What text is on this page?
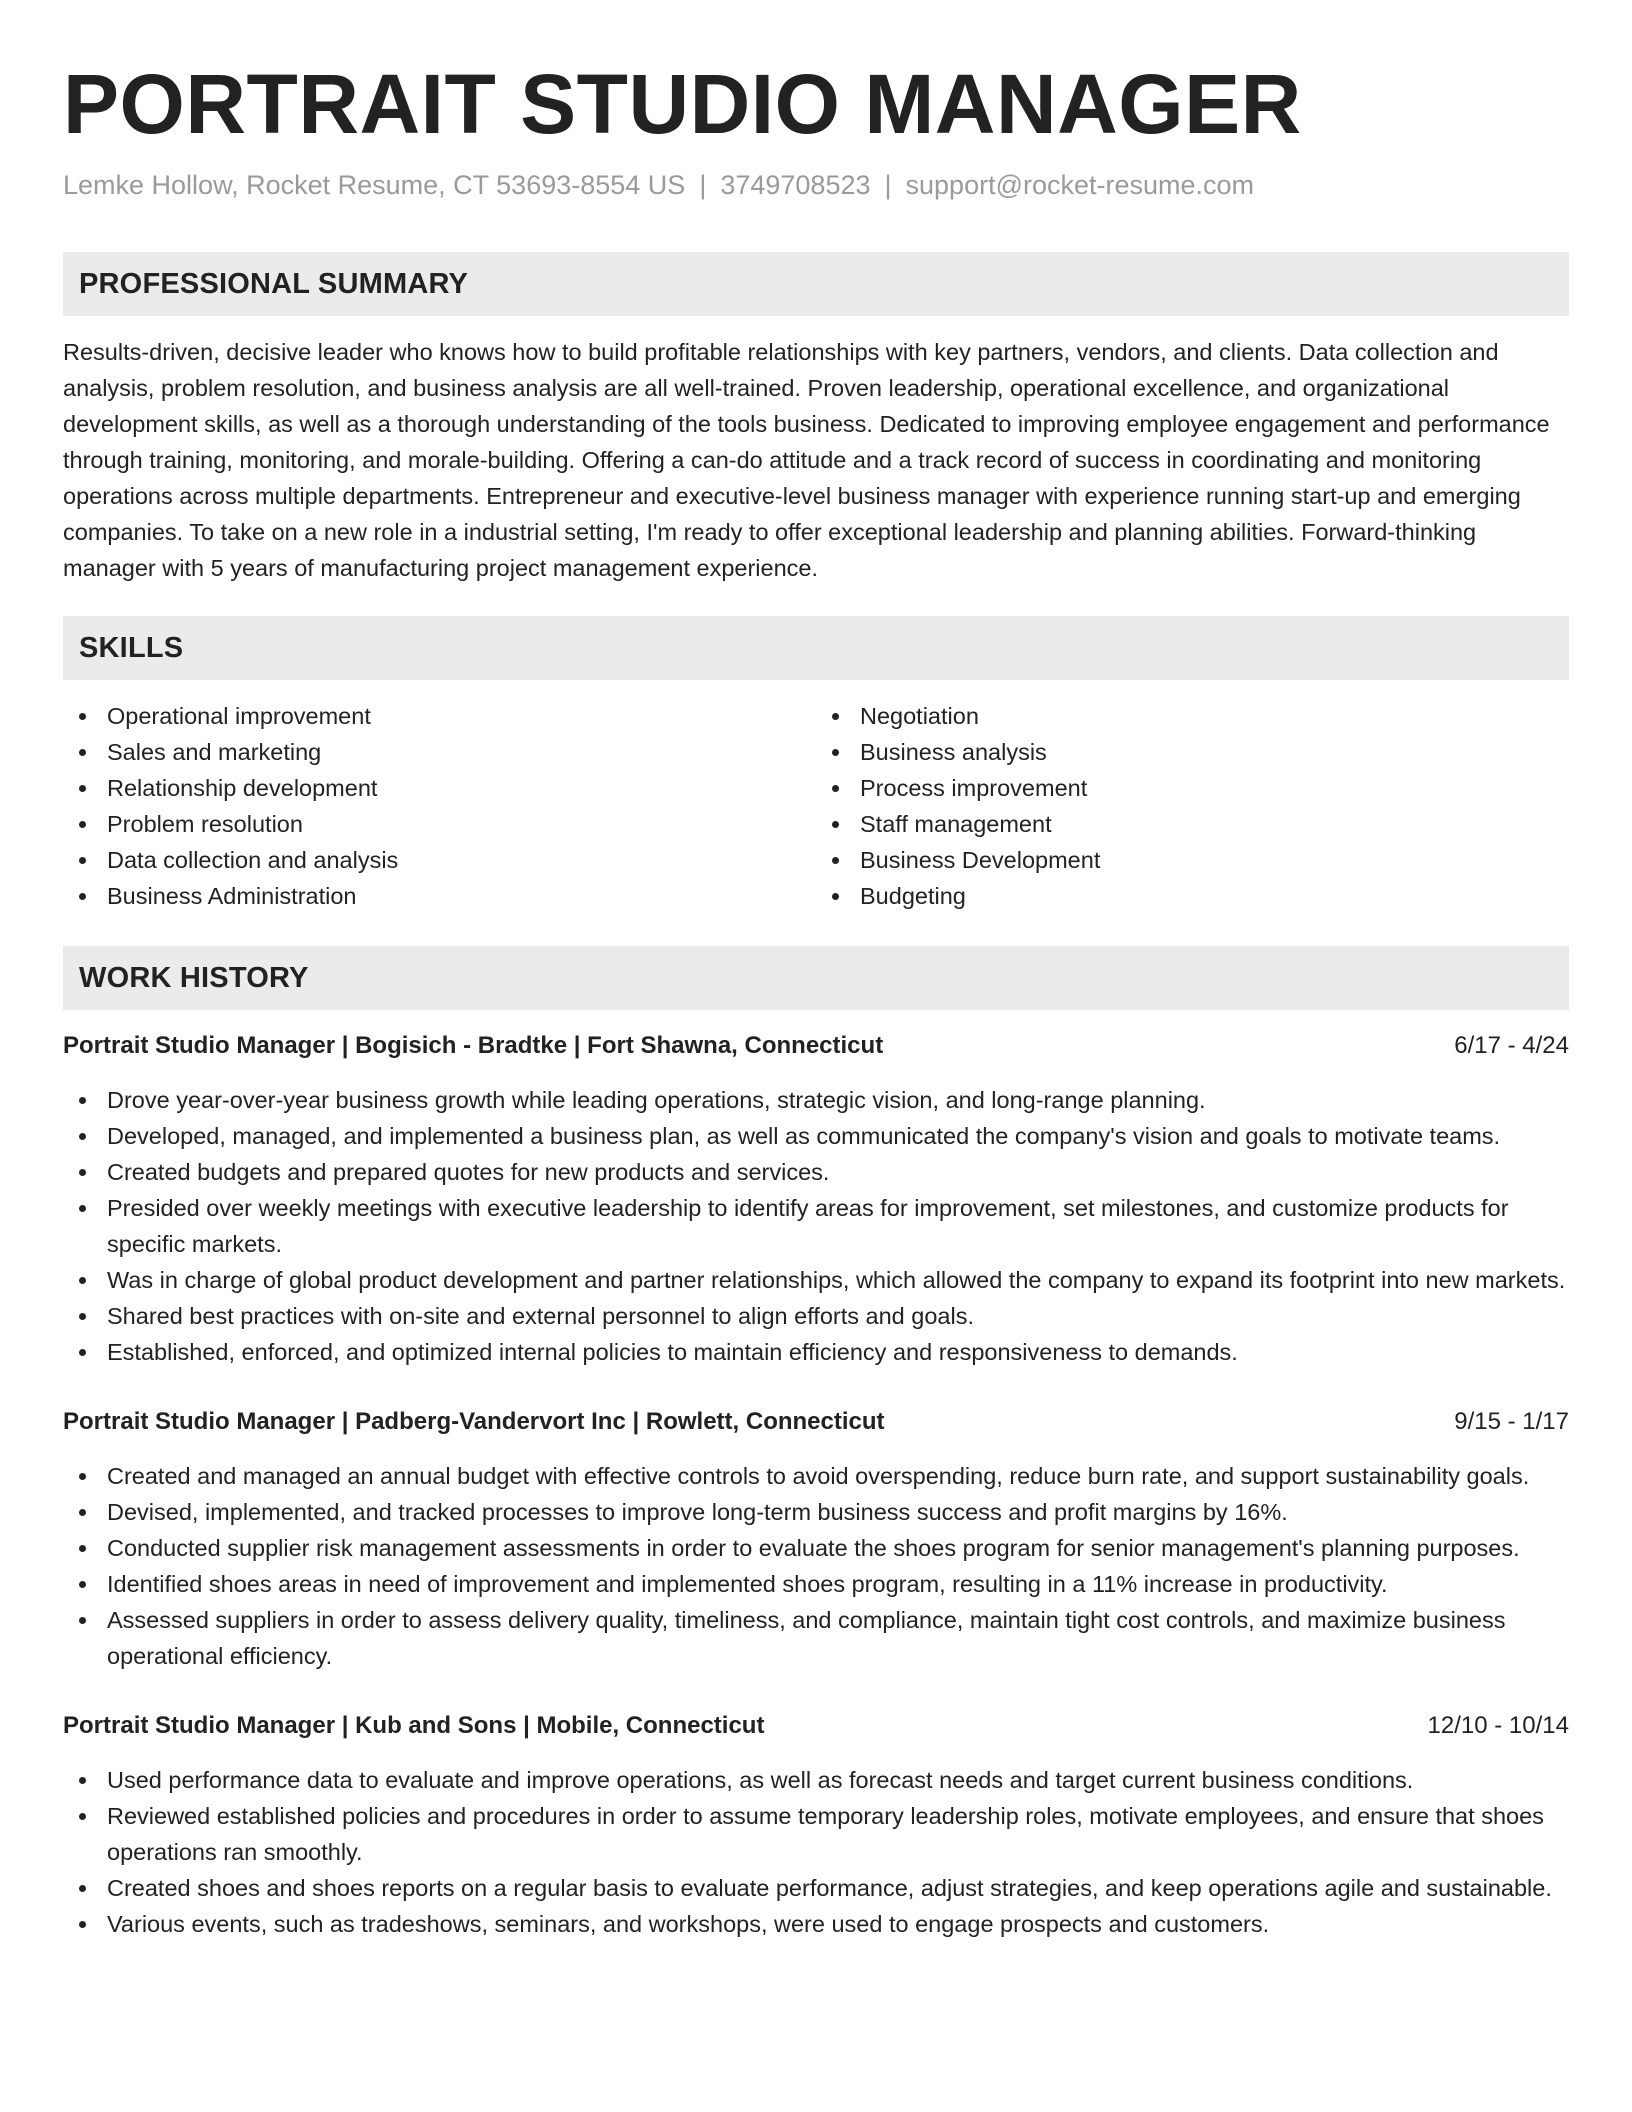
PORTRAIT STUDIO MANAGER
Lemke Hollow, Rocket Resume, CT 53693-8554 US | 3749708523 | support@rocket-resume.com
PROFESSIONAL SUMMARY

Results-driven, decisive leader who knows how to build profitable relationships with key partners, vendors, and clients. Data collection and analysis, problem resolution, and business analysis are all well-trained. Proven leadership, operational excellence, and organizational development skills, as well as a thorough understanding of the tools business. Dedicated to improving employee engagement and performance through training, monitoring, and morale-building. Offering a can-do attitude and a track record of success in coordinating and monitoring operations across multiple departments. Entrepreneur and executive-level business manager with experience running start-up and emerging companies. To take on a new role in a industrial setting, I'm ready to offer exceptional leadership and planning abilities. Forward-thinking manager with 5 years of manufacturing project management experience.

SKILLS
Operational improvement
Sales and marketing
Relationship development
Problem resolution
Data collection and analysis
Business Administration
Negotiation
Business analysis
Process improvement
Staff management
Business Development
Budgeting
WORK HISTORY
Portrait Studio Manager | Bogisich - Bradtke | Fort Shawna, Connecticut	6/17 - 4/24
Drove year-over-year business growth while leading operations, strategic vision, and long-range planning.
Developed, managed, and implemented a business plan, as well as communicated the company's vision and goals to motivate teams.
Created budgets and prepared quotes for new products and services.
Presided over weekly meetings with executive leadership to identify areas for improvement, set milestones, and customize products for specific markets.
Was in charge of global product development and partner relationships, which allowed the company to expand its footprint into new markets.
Shared best practices with on-site and external personnel to align efforts and goals.
Established, enforced, and optimized internal policies to maintain efficiency and responsiveness to demands.
Portrait Studio Manager | Padberg-Vandervort Inc | Rowlett, Connecticut	9/15 - 1/17
Created and managed an annual budget with effective controls to avoid overspending, reduce burn rate, and support sustainability goals.
Devised, implemented, and tracked processes to improve long-term business success and profit margins by 16%.
Conducted supplier risk management assessments in order to evaluate the shoes program for senior management's planning purposes.
Identified shoes areas in need of improvement and implemented shoes program, resulting in a 11% increase in productivity.
Assessed suppliers in order to assess delivery quality, timeliness, and compliance, maintain tight cost controls, and maximize business operational efficiency.
Portrait Studio Manager | Kub and Sons | Mobile, Connecticut	12/10 - 10/14
Used performance data to evaluate and improve operations, as well as forecast needs and target current business conditions.
Reviewed established policies and procedures in order to assume temporary leadership roles, motivate employees, and ensure that shoes operations ran smoothly.
Created shoes and shoes reports on a regular basis to evaluate performance, adjust strategies, and keep operations agile and sustainable.
Various events, such as tradeshows, seminars, and workshops, were used to engage prospects and customers.
